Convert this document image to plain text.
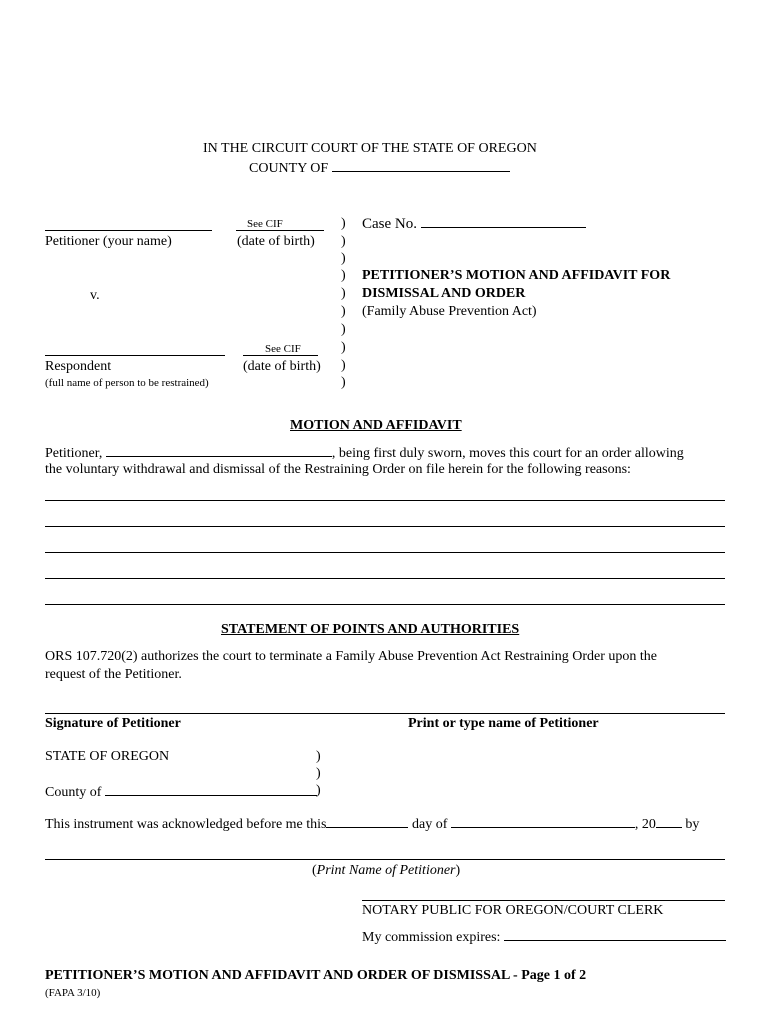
IN THE CIRCUIT COURT OF THE STATE OF OREGON
COUNTY OF
See CIF
Petitioner (your name)	(date of birth)
v.
See CIF
Respondent	(date of birth)
(full name of person to be restrained)
)
)
)
)
)
)
)
)
)
)
Case No.
PETITIONER’S MOTION AND AFFIDAVIT FOR
DISMISSAL AND ORDER
(Family Abuse Prevention Act)
MOTION AND AFFIDAVIT
Petitioner,	, being first duly sworn, moves this court for an order allowing
the voluntary withdrawal and dismissal of the Restraining Order on file herein for the following reasons:
STATEMENT OF POINTS AND AUTHORITIES
ORS 107.720(2) authorizes the court to terminate a Family Abuse Prevention Act Restraining Order upon the
request of the Petitioner.
Signature of Petitioner	Print or type name of Petitioner
STATE OF OREGON	)
)
)
County of
This instrument was acknowledged before me this	day of	, 20 by
(Print Name of Petitioner)
NOTARY PUBLIC FOR OREGON/COURT CLERK
My commission expires:
PETITIONER’S MOTION AND AFFIDAVIT AND ORDER OF DISMISSAL - Page 1 of 2
(FAPA 3/10)
